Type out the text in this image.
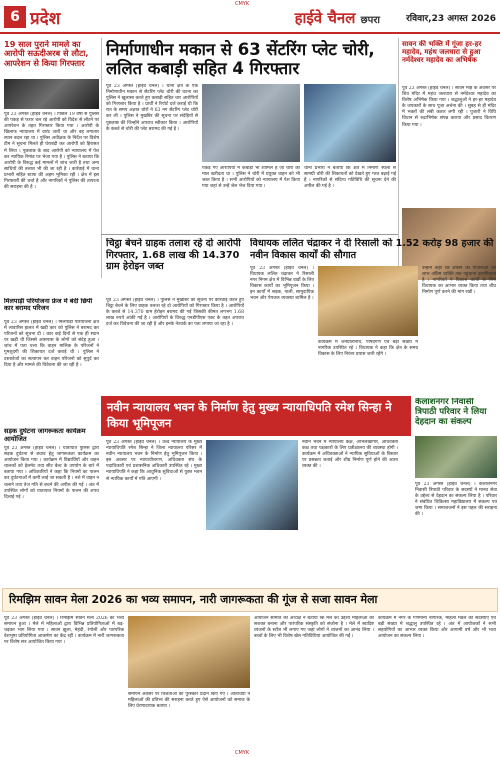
6 प्रदेश
CMYK
हाईवे चैनल छपरा	रविवार,23 अगस्त 2026
19 साल पुराने मामले का आरोपी सऊदीअरब से लौटा, आपरेशन से किया गिरफ्तार
पूर्व 23 अगस्त (हाईवे चैनल) । पिछले 19 वर्षों से पुलिस की पकड़ से फरार चल रहे आरोपी को विदेश से लौटने पर आपरेशन के तहत गिरफ्तार किया गया । आरोपी के खिलाफ न्यायालय में वारंट जारी था और वह लगातार स्थान बदल रहा था । पुलिस अधीक्षक के निर्देश पर विशेष टीम ने सूचना मिलते ही घेराबंदी कर आरोपी को हिरासत में लिया । पूछताछ के बाद आरोपी को न्यायालय में पेश कर न्यायिक रिमांड पर भेजा गया है । पुलिस ने बताया कि आरोपी के विरुद्ध कई मामलों में जांच जारी है तथा अन्य साथियों की तलाश भी की जा रही है । कार्रवाई में थाना प्रभारी सहित स्टाफ की अहम भूमिका रही । क्षेत्र में इस गिरफ्तारी की चर्चा है और नागरिकों ने पुलिस की तत्परता की सराहना की है ।
मिलपाड़ी परियोजना फ्रेज में बंदी छिपी कार बरामद परिजन
पूर्व 23 अगस्त (हाईवे चैनल) । मिलपाड़ी परियोजना क्षेत्र में लावारिस हालत में खड़ी कार को पुलिस ने बरामद कर परिजनों को सूचना दी । कार कई दिनों से एक ही स्थान पर खड़ी थी जिससे आसपास के लोगों को संदेह हुआ । जांच में पता चला कि वाहन मालिक के परिजनों ने गुमशुदगी की शिकायत दर्ज कराई थी । पुलिस ने दस्तावेजों का सत्यापन कर वाहन परिजनों को सुपुर्द कर दिया है और मामले की विवेचना की जा रही है ।
सड़क दुर्घटना जागरूकता कार्यक्रम आयोजित
पूर्व 23 अगस्त (हाईवे चैनल) । यातायात पुलिस द्वारा सड़क दुर्घटना से बचाव हेतु जागरूकता कार्यक्रम का आयोजन किया गया । कार्यक्रम में विद्यार्थियों और वाहन चालकों को हेलमेट तथा सीट बेल्ट के उपयोग के बारे में बताया गया । अधिकारियों ने कहा कि नियमों का पालन कर दुर्घटनाओं में कमी लाई जा सकती है । नशे में वाहन न चलाने तथा तेज गति से बचने की अपील की गई । अंत में उपस्थित लोगों को यातायात नियमों के पालन की शपथ दिलाई गई ।
निर्माणाधीन मकान से 63 सेंटरिंग प्लेट चोरी, ललित कबाड़ी सहित 4 गिरफ्तार
पूर्व 23 अगस्त (हाईवे चैनल) । थाना क्षेत्र के एक निर्माणाधीन मकान से सेंटरिंग प्लेट चोरी की घटना का पुलिस ने खुलासा करते हुए कबाड़ी सहित चार आरोपियों को गिरफ्तार किया है । प्रार्थी ने रिपोर्ट दर्ज कराई थी कि रात के समय अज्ञात चोरों ने 63 नग सेंटरिंग प्लेट चोरी कर ली । पुलिस ने मुखबिर की सूचना पर संदेहियों से पूछताछ की जिन्होंने अपराध स्वीकार किया । आरोपियों के कब्जे से चोरी की प्लेट बरामद की गई है ।
पकड़े गए आरोपियों में कबाड़ी भी शामिल है जो चोरी का माल खरीदता था । पुलिस ने चोरी में प्रयुक्त वाहन को भी जब्त किया है । सभी आरोपियों को न्यायालय में पेश किया गया जहां से उन्हें जेल भेज दिया गया ।
थाना प्रभारी ने बताया कि क्षेत्र में निर्माण स्थलों से सामग्री चोरी की शिकायतों को देखते हुए गश्त बढ़ाई गई है । नागरिकों से संदिग्ध गतिविधि की सूचना देने की अपील की गई है ।
सावन की भक्ति में गूंजा हर-हर महादेव, महंथ जलधारा से हुआ नर्मदेश्वर महादेव का अभिषेक
पूर्व 23 अगस्त (हाईवे चैनल) । सावन माह के अवसर पर शिव मंदिर में महंथ जलधारा से नर्मदेश्वर महादेव का विशेष अभिषेक किया गया । श्रद्धालुओं ने हर-हर महादेव के जयकारों के साथ पूजा अर्चना की । सुबह से ही मंदिर में भक्तों की लंबी कतार लगी रही । पुजारी ने विधि विधान से रुद्राभिषेक संपन्न कराया और प्रसाद वितरण किया गया ।
चिट्ठा बेचने ग्राहक तलाश रहे दो आरोपी गिरफ्तार, 1.68 लाख की 14.370 ग्राम हेरोइन जब्त
पूर्व 23 अगस्त (हाईवे चैनल) । पुलिस ने मुखबिर की सूचना पर कार्रवाई करते हुए चिट्ठा बेचने के लिए ग्राहक तलाश रहे दो आरोपियों को गिरफ्तार किया है । आरोपियों के कब्जे से 14.370 ग्राम हेरोइन बरामद की गई जिसकी कीमत लगभग 1.68 लाख रुपये आंकी गई है । आरोपियों के विरुद्ध एनडीपीएस एक्ट के तहत अपराध दर्ज कर विवेचना की जा रही है और इनके नेटवर्क का पता लगाया जा रहा है ।
विधायक ललित चंद्राकर ने दी रिसाली को 1.52 करोड़ 98 हजार की नवीन विकास कार्यों की सौगात
पूर्व 23 अगस्त (हाईवे चैनल) । विधायक ललित चंद्राकर ने रिसाली नगर निगम क्षेत्र में विभिन्न वार्डों के लिए विकास कार्यों का भूमिपूजन किया । इन कार्यों में सड़क, नाली, सामुदायिक भवन और पेयजल व्यवस्था शामिल है ।
कार्यक्रम में जनप्रतिनिधि, पार्षदगण एवं बड़ी संख्या में नागरिक उपस्थित रहे । विधायक ने कहा कि क्षेत्र के समग्र विकास के लिए निरंतर प्रयास जारी रहेंगे ।
उन्होंने कहा कि शासन की योजनाओं का लाभ अंतिम व्यक्ति तक पहुंचाना प्राथमिकता है । नागरिकों ने विकास कार्यों के लिए विधायक का आभार व्यक्त किया तथा शीघ्र निर्माण पूर्ण करने की मांग रखी ।
नवीन न्यायालय भवन के निर्माण हेतु मुख्य न्यायाधिपति रमेश सिन्हा ने किया भूमिपूजन
पूर्व 23 अगस्त (हाईवे चैनल) । उच्च न्यायालय के मुख्य न्यायाधिपति रमेश सिन्हा ने जिला न्यायालय परिसर में नवीन न्यायालय भवन के निर्माण हेतु भूमिपूजन किया । इस अवसर पर न्यायाधीशगण, अधिवक्ता संघ के पदाधिकारी एवं प्रशासनिक अधिकारी उपस्थित रहे । मुख्य न्यायाधिपति ने कहा कि आधुनिक सुविधाओं से युक्त भवन से न्यायिक कार्यों में गति आएगी ।
नवीन भवन में न्यायालय कक्ष, अभिलेखागार, अधिवक्ता कक्ष तथा पक्षकारों के लिए प्रतीक्षालय की व्यवस्था होगी । कार्यक्रम में अधिवक्ताओं ने न्यायिक सुविधाओं के विस्तार पर प्रसन्नता जताई और शीघ्र निर्माण पूर्ण होने की आशा व्यक्त की ।
कैलाशनगर निवासी त्रिपाठी परिवार ने लिया देहदान का संकल्प
पूर्व 23 अगस्त (हाईवे चैनल) । कैलाशनगर निवासी त्रिपाठी परिवार के सदस्यों ने मानव सेवा के उद्देश्य से देहदान का संकल्प लिया है । परिवार ने संबंधित चिकित्सा महाविद्यालय में संकल्प पत्र जमा किया । समाजजनों ने इस पहल की सराहना की ।
रिमझिम सावन मेला 2026 का भव्य समापन, नारी जागरूकता की गूंज से सजा सावन मेला
पूर्व 23 अगस्त (हाईवे चैनल) । रिमझिम सावन मेला 2026 का भव्य समापन हुआ । मेले में महिलाओं द्वारा विभिन्न प्रतियोगिताओं में बढ़-चढ़कर भाग लिया गया । सावन झूला, मेहंदी, रंगोली और पारंपरिक वेशभूषा प्रतियोगिता आकर्षण का केंद्र रहीं । कार्यक्रम में नारी जागरूकता पर विशेष सत्र आयोजित किया गया ।
समापन अवसर पर विजेताओं को पुरस्कार प्रदान किए गए । अतिथियों ने महिलाओं की प्रतिभा की सराहना करते हुए ऐसे आयोजनों को समाज के लिए प्रेरणादायक बताया ।
आयोजन समिति की अध्यक्ष ने बताया कि मेले का उद्देश्य महिलाओं को सशक्त बनाना और पारंपरिक संस्कृति को संजोना है । मेले में स्वादिष्ट व्यंजनों के स्टॉल भी लगाए गए जहां लोगों ने व्यंजनों का आनंद लिया । बच्चों के लिए भी विशेष खेल गतिविधियां आयोजित की गईं ।
कार्यक्रम में नगर के गणमान्य नागरिक, महिला मंडल की सदस्याएं एवं बड़ी संख्या में श्रद्धालु उपस्थित रहे । अंत में आयोजकों ने सभी सहयोगियों का आभार व्यक्त किया और आगामी वर्ष और भी भव्य आयोजन का संकल्प लिया ।
CMYK
